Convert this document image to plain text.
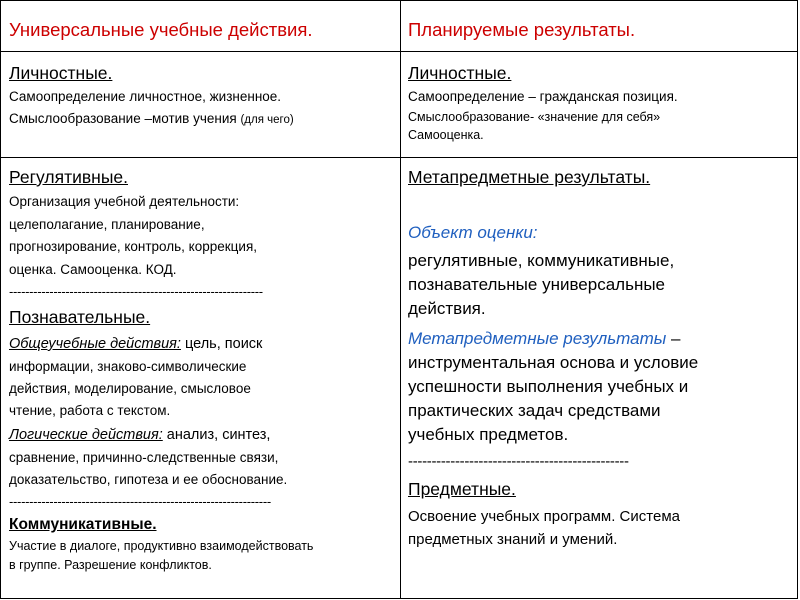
Универсальные учебные действия.	Планируемые результаты.

Личностные.

Самоопределение личностное, жизненное.

Смыслообразование –мотив учения (для чего)

Личностные.

Самоопределение – гражданская позиция.

Смыслообразование- «значение для себя»

Самооценка.

Регулятивные.

Организация учебной деятельности:

целеполагание, планирование,

прогнозирование, контроль, коррекция,

оценка. Самооценка. КОД.

---------------------------------------------------------------

Познавательные.

Общеучебные действия: цель, поиск

информации, знаково-символические

действия, моделирование, смысловое

чтение, работа с текстом.

Логические действия: анализ, синтез,

сравнение, причинно-следственные связи,

доказательство, гипотеза и ее обоснование.

-----------------------------------------------------------------

Коммуникативные.

Участие в диалоге, продуктивно взаимодействовать

в группе. Разрешение конфликтов.

Метапредметные результаты.

Объект оценки:

регулятивные, коммуникативные,

познавательные универсальные

действия.

Метапредметные результаты –

инструментальная основа и условие

успешности выполнения учебных и

практических задач средствами

учебных предметов.

-----------------------------------------------

Предметные.

Освоение учебных программ. Система

предметных знаний и умений.
